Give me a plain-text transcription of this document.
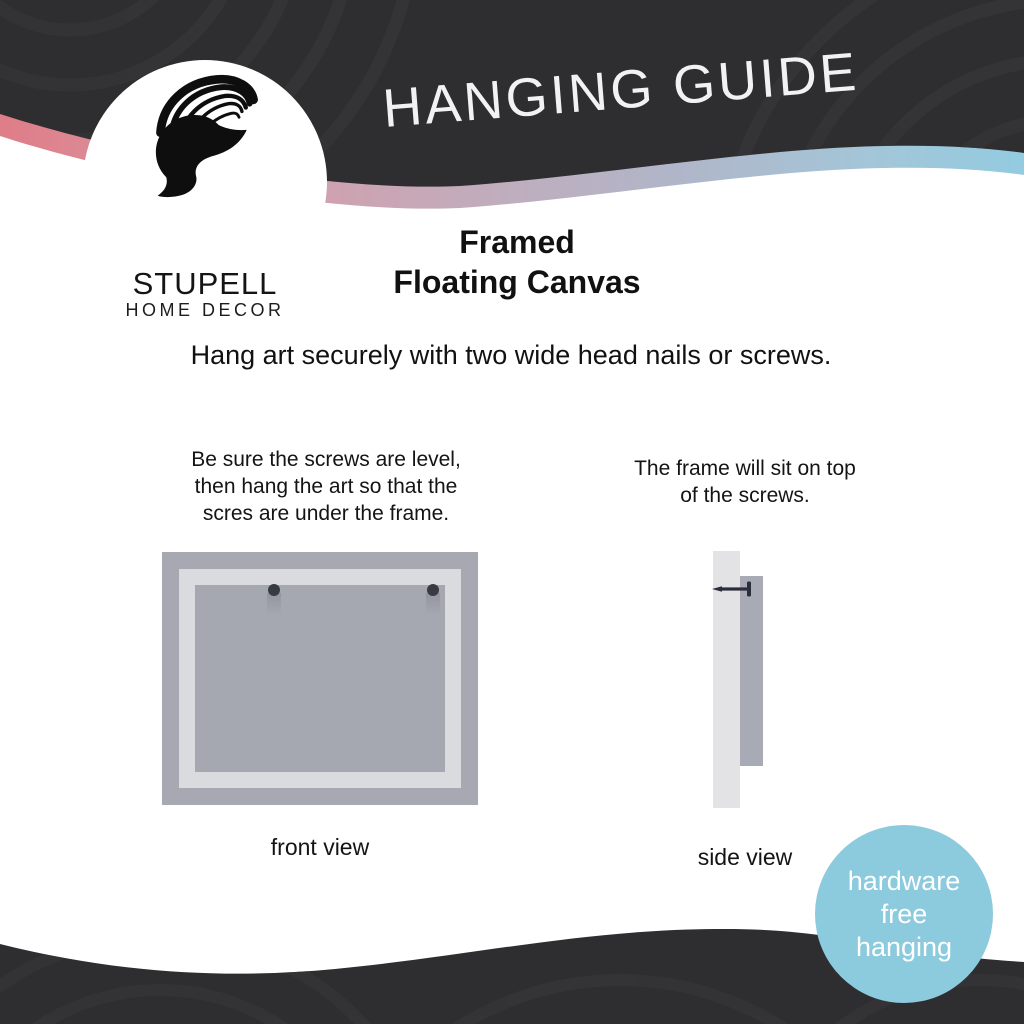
HANGING GUIDE
STUPELL
HOME DECOR
Framed
Floating Canvas
Hang art securely with two wide head nails or screws.
Be sure the screws are level,
then hang the art so that the
scres are under the frame.
front view
The frame will sit on top
of the screws.
side view
hardware
free
hanging
